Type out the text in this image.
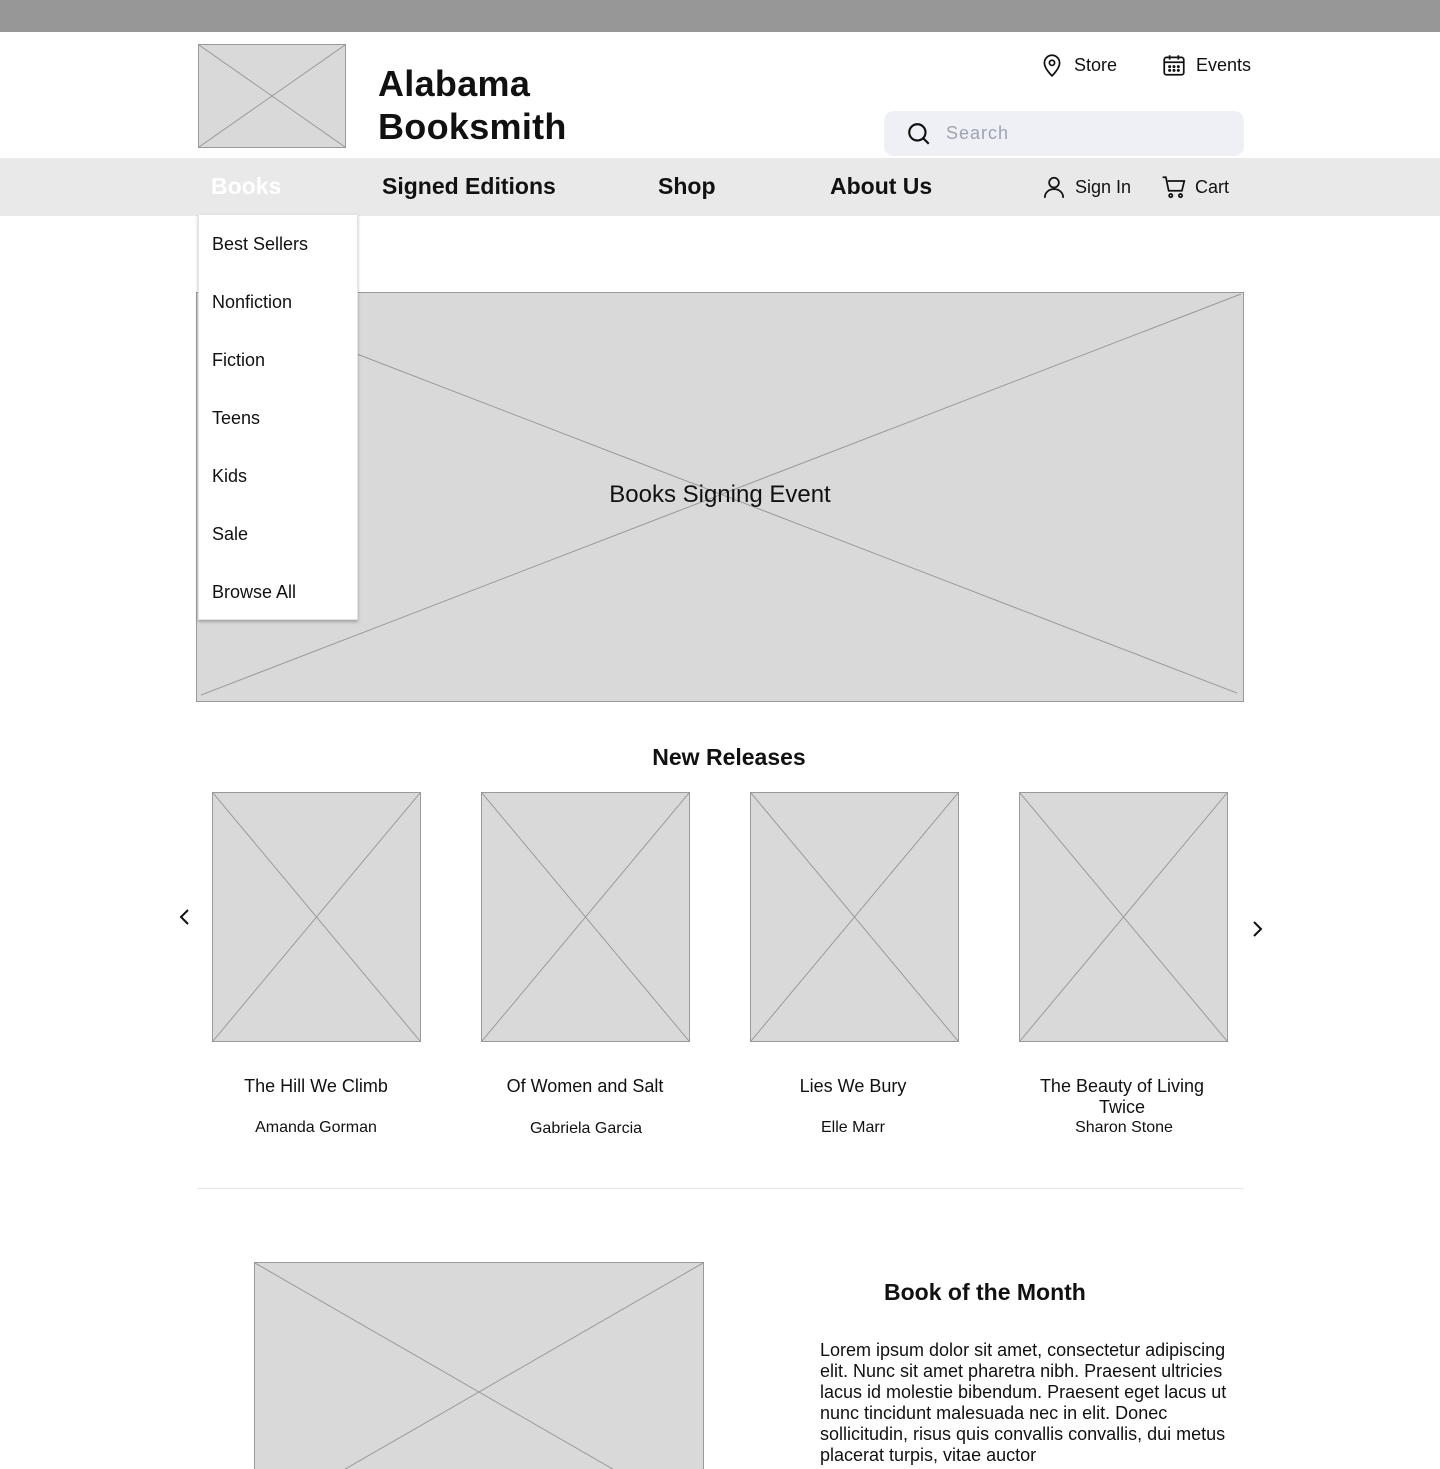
Alabama
Booksmith
Store	Events
Search
Books	Signed Editions	Shop	About Us	Sign In	Cart
Books Signing Event
Best Sellers
Nonfiction
Fiction
Teens
Kids
Sale
Browse All
New Releases
The Hill We Climb
Amanda Gorman
Of Women and Salt
Gabriela Garcia
Lies We Bury
Elle Marr
The Beauty of Living Twice
Sharon Stone
Book of the Month
Lorem ipsum dolor sit amet, consectetur adipiscing elit. Nunc sit amet pharetra nibh. Praesent ultricies lacus id molestie bibendum. Praesent eget lacus ut nunc tincidunt malesuada nec in elit. Donec sollicitudin, risus quis convallis convallis, dui metus placerat turpis, vitae auctor
